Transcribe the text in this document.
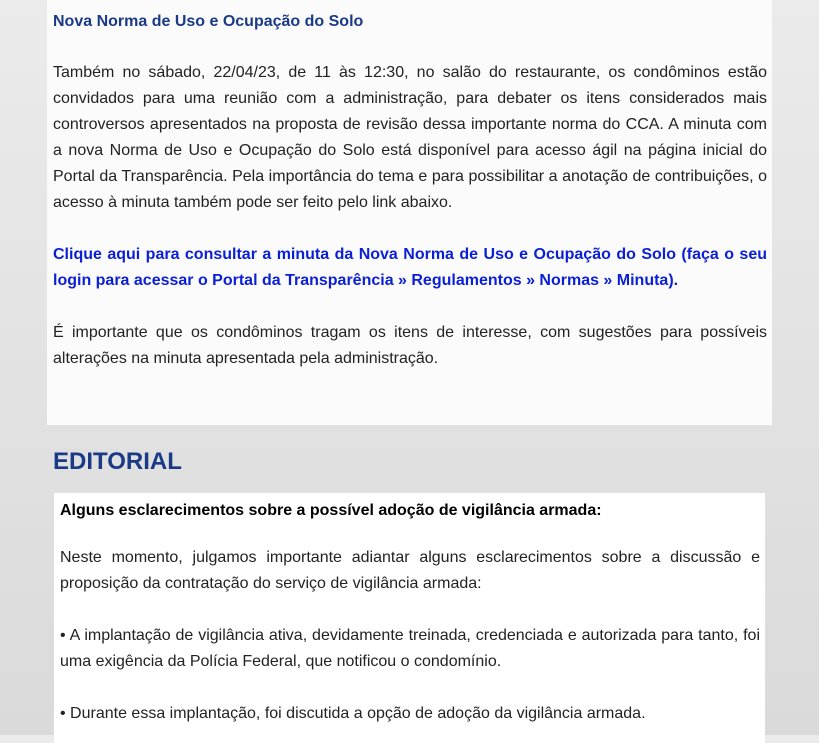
Nova Norma de Uso e Ocupação do Solo

Também no sábado, 22/04/23, de 11 às 12:30, no salão do restaurante, os condôminos estão convidados para uma reunião com a administração, para debater os itens considerados mais controversos apresentados na proposta de revisão dessa importante norma do CCA. A minuta com a nova Norma de Uso e Ocupação do Solo está disponível para acesso ágil na página inicial do Portal da Transparência. Pela importância do tema e para possibilitar a anotação de contribuições, o acesso à minuta também pode ser feito pelo link abaixo.

Clique aqui para consultar a minuta da Nova Norma de Uso e Ocupação do Solo (faça o seu login para acessar o Portal da Transparência » Regulamentos » Normas » Minuta).

É importante que os condôminos tragam os itens de interesse, com sugestões para possíveis alterações na minuta apresentada pela administração.

EDITORIAL
Alguns esclarecimentos sobre a possível adoção de vigilância armada:

Neste momento, julgamos importante adiantar alguns esclarecimentos sobre a discussão e proposição da contratação do serviço de vigilância armada:

• A implantação de vigilância ativa, devidamente treinada, credenciada e autorizada para tanto, foi uma exigência da Polícia Federal, que notificou o condomínio.

• Durante essa implantação, foi discutida a opção de adoção da vigilância armada.
